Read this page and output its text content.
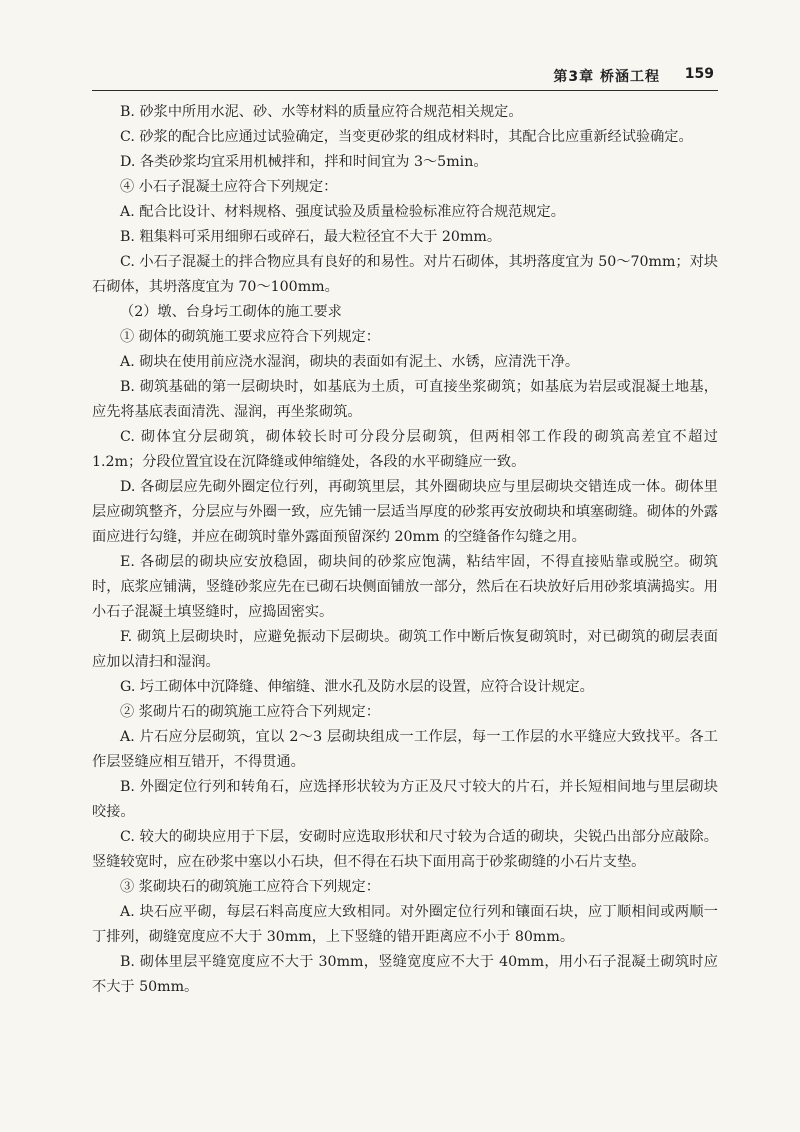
第3章 桥涵工程 159

B. 砂浆中所用水泥、砂、水等材料的质量应符合规范相关规定。

C. 砂浆的配合比应通过试验确定，当变更砂浆的组成材料时，其配合比应重新经试验确定。

D. 各类砂浆均宜采用机械拌和，拌和时间宜为 3～5min。

④ 小石子混凝土应符合下列规定：

A. 配合比设计、材料规格、强度试验及质量检验标准应符合规范规定。

B. 粗集料可采用细卵石或碎石，最大粒径宜不大于 20mm。

C. 小石子混凝土的拌合物应具有良好的和易性。对片石砌体，其坍落度宜为 50～70mm；对块石砌体，其坍落度宜为 70～100mm。

（2）墩、台身圬工砌体的施工要求

① 砌体的砌筑施工要求应符合下列规定：

A. 砌块在使用前应浇水湿润，砌块的表面如有泥土、水锈，应清洗干净。

B. 砌筑基础的第一层砌块时，如基底为土质，可直接坐浆砌筑；如基底为岩层或混凝土地基，应先将基底表面清洗、湿润，再坐浆砌筑。

C. 砌体宜分层砌筑，砌体较长时可分段分层砌筑，但两相邻工作段的砌筑高差宜不超过 1.2m；分段位置宜设在沉降缝或伸缩缝处，各段的水平砌缝应一致。

D. 各砌层应先砌外圈定位行列，再砌筑里层，其外圈砌块应与里层砌块交错连成一体。砌体里层应砌筑整齐，分层应与外圈一致，应先铺一层适当厚度的砂浆再安放砌块和填塞砌缝。砌体的外露面应进行勾缝，并应在砌筑时靠外露面预留深约 20mm 的空缝备作勾缝之用。

E. 各砌层的砌块应安放稳固，砌块间的砂浆应饱满，粘结牢固，不得直接贴靠或脱空。砌筑时，底浆应铺满，竖缝砂浆应先在已砌石块侧面铺放一部分，然后在石块放好后用砂浆填满捣实。用小石子混凝土填竖缝时，应捣固密实。

F. 砌筑上层砌块时，应避免振动下层砌块。砌筑工作中断后恢复砌筑时，对已砌筑的砌层表面应加以清扫和湿润。

G. 圬工砌体中沉降缝、伸缩缝、泄水孔及防水层的设置，应符合设计规定。

② 浆砌片石的砌筑施工应符合下列规定：

A. 片石应分层砌筑，宜以 2～3 层砌块组成一工作层，每一工作层的水平缝应大致找平。各工作层竖缝应相互错开，不得贯通。

B. 外圈定位行列和转角石，应选择形状较为方正及尺寸较大的片石，并长短相间地与里层砌块咬接。

C. 较大的砌块应用于下层，安砌时应选取形状和尺寸较为合适的砌块，尖锐凸出部分应敲除。竖缝较宽时，应在砂浆中塞以小石块，但不得在石块下面用高于砂浆砌缝的小石片支垫。

③ 浆砌块石的砌筑施工应符合下列规定：

A. 块石应平砌，每层石料高度应大致相同。对外圈定位行列和镶面石块，应丁顺相间或两顺一丁排列，砌缝宽度应不大于 30mm，上下竖缝的错开距离应不小于 80mm。

B. 砌体里层平缝宽度应不大于 30mm，竖缝宽度应不大于 40mm，用小石子混凝土砌筑时应不大于 50mm。
